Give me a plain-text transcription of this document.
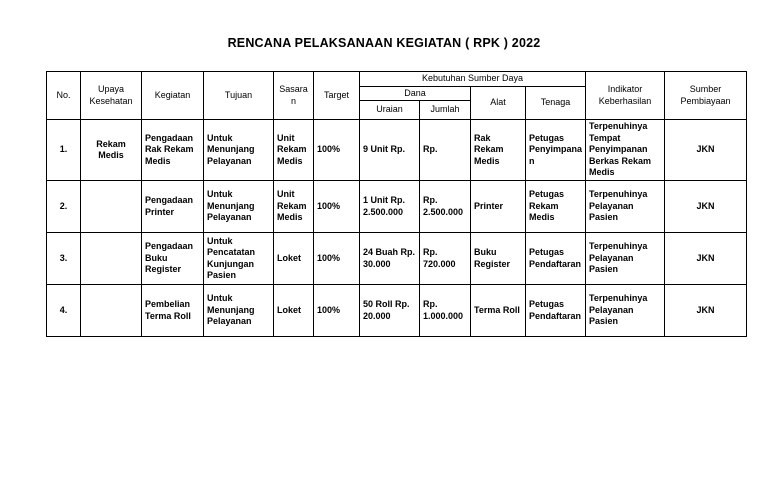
RENCANA PELAKSANAAN KEGIATAN ( RPK ) 2022
No.	Upaya Kesehatan	Kegiatan	Tujuan	Sasara n	Target	Kebutuhan Sumber Daya				Indikator Keberhasilan	Sumber Pembiayaan
						Dana		Alat	Tenaga		
						Uraian	Jumlah				
1.	Rekam Medis	Pengadaan Rak Rekam Medis	Untuk Menunjang Pelayanan	Unit Rekam Medis	100%	9 Unit Rp.	Rp.	Rak Rekam Medis	Petugas Penyimpana n	Terpenuhinya Tempat Penyimpanan Berkas Rekam Medis	JKN
2.		Pengadaan Printer	Untuk Menunjang Pelayanan	Unit Rekam Medis	100%	1 Unit Rp. 2.500.000	Rp. 2.500.000	Printer	Petugas Rekam Medis	Terpenuhinya Pelayanan Pasien	JKN
3.		Pengadaan Buku Register	Untuk Pencatatan Kunjungan Pasien	Loket	100%	24 Buah Rp. 30.000	Rp. 720.000	Buku Register	Petugas Pendaftaran	Terpenuhinya Pelayanan Pasien	JKN
4.		Pembelian Terma Roll	Untuk Menunjang Pelayanan	Loket	100%	50 Roll Rp. 20.000	Rp. 1.000.000	Terma Roll	Petugas Pendaftaran	Terpenuhinya Pelayanan Pasien	JKN
